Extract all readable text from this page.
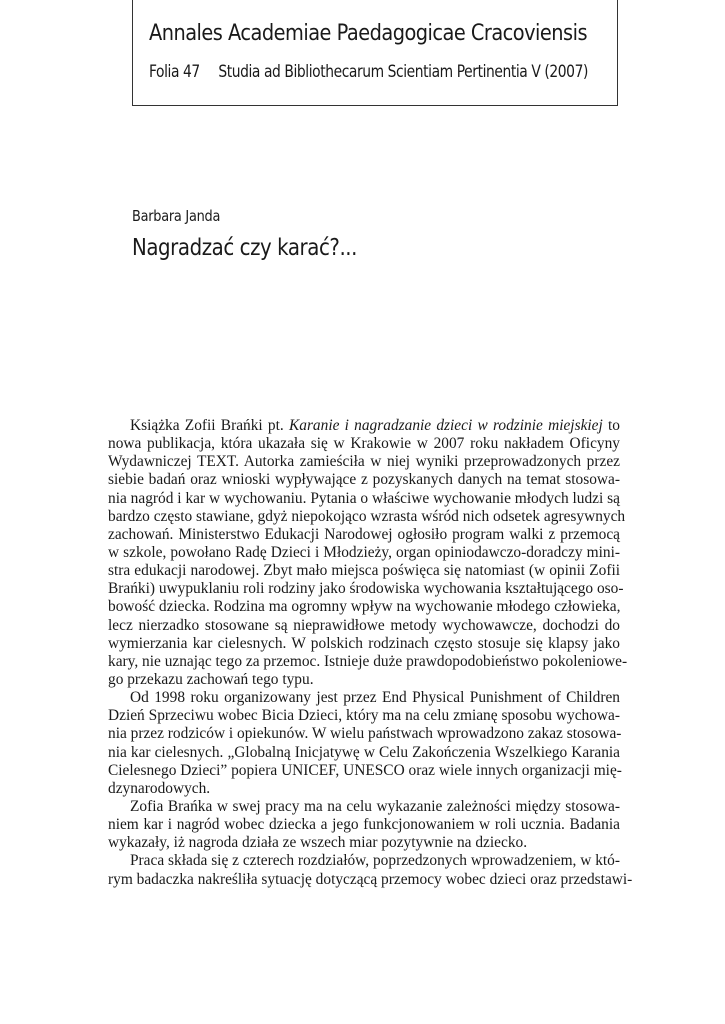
Annales Academiae Paedagogicae Cracoviensis

Folia 47 Studia ad Bibliothecarum Scientiam Pertinentia V (2007)

Barbara Janda

Nagradzać czy karać?...
Książka Zofii Brańki pt. Karanie i nagradzanie dzieci w rodzinie miejskiej to
nowa publikacja, która ukazała się w Krakowie w 2007 roku nakładem Oficyny
Wydawniczej TEXT. Autorka zamieściła w niej wyniki przeprowadzonych przez
siebie badań oraz wnioski wypływające z pozyskanych danych na temat stosowa-
nia nagród i kar w wychowaniu. Pytania o właściwe wychowanie młodych ludzi są
bardzo często stawiane, gdyż niepokojąco wzrasta wśród nich odsetek agresywnych
zachowań. Ministerstwo Edukacji Narodowej ogłosiło program walki z przemocą
w szkole, powołano Radę Dzieci i Młodzieży, organ opiniodawczo-doradczy mini-
stra edukacji narodowej. Zbyt mało miejsca poświęca się natomiast (w opinii Zofii
Brańki) uwypuklaniu roli rodziny jako środowiska wychowania kształtującego oso-
bowość dziecka. Rodzina ma ogromny wpływ na wychowanie młodego człowieka,
lecz nierzadko stosowane są nieprawidłowe metody wychowawcze, dochodzi do
wymierzania kar cielesnych. W polskich rodzinach często stosuje się klapsy jako
kary, nie uznając tego za przemoc. Istnieje duże prawdopodobieństwo pokoleniowe-
go przekazu zachowań tego typu.
Od 1998 roku organizowany jest przez End Physical Punishment of Children
Dzień Sprzeciwu wobec Bicia Dzieci, który ma na celu zmianę sposobu wychowa-
nia przez rodziców i opiekunów. W wielu państwach wprowadzono zakaz stosowa-
nia kar cielesnych. „Globalną Inicjatywę w Celu Zakończenia Wszelkiego Karania
Cielesnego Dzieci” popiera UNICEF, UNESCO oraz wiele innych organizacji mię-
dzynarodowych.
Zofia Brańka w swej pracy ma na celu wykazanie zależności między stosowa-
niem kar i nagród wobec dziecka a jego funkcjonowaniem w roli ucznia. Badania
wykazały, iż nagroda działa ze wszech miar pozytywnie na dziecko.
Praca składa się z czterech rozdziałów, poprzedzonych wprowadzeniem, w któ-
rym badaczka nakreśliła sytuację dotyczącą przemocy wobec dzieci oraz przedstawi-
